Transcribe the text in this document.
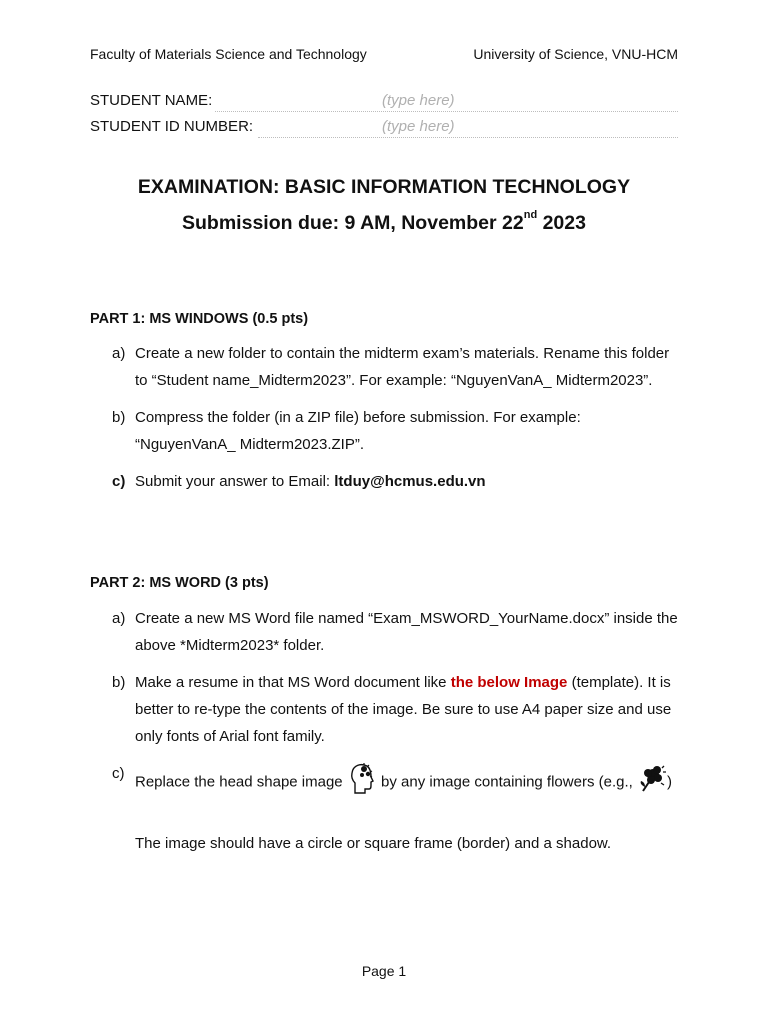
Faculty of Materials Science and Technology	University of Science, VNU-HCM
STUDENT NAME:	(type here)
STUDENT ID NUMBER:	(type here)
EXAMINATION: BASIC INFORMATION TECHNOLOGY
Submission due: 9 AM, November 22nd 2023
PART 1: MS WINDOWS (0.5 pts)
a) Create a new folder to contain the midterm exam’s materials. Rename this folder to “Student name_Midterm2023”. For example: “NguyenVanA_ Midterm2023”.
b) Compress the folder (in a ZIP file) before submission. For example: “NguyenVanA_ Midterm2023.ZIP”.
c) Submit your answer to Email: ltduy@hcmus.edu.vn
PART 2: MS WORD (3 pts)
a) Create a new MS Word file named “Exam_MSWORD_YourName.docx” inside the above *Midterm2023* folder.
b) Make a resume in that MS Word document like the below Image (template). It is better to re-type the contents of the image. Be sure to use A4 paper size and use only fonts of Arial font family.
c) Replace the head shape image  by any image containing flowers (e.g., )
The image should have a circle or square frame (border) and a shadow.
Page 1
